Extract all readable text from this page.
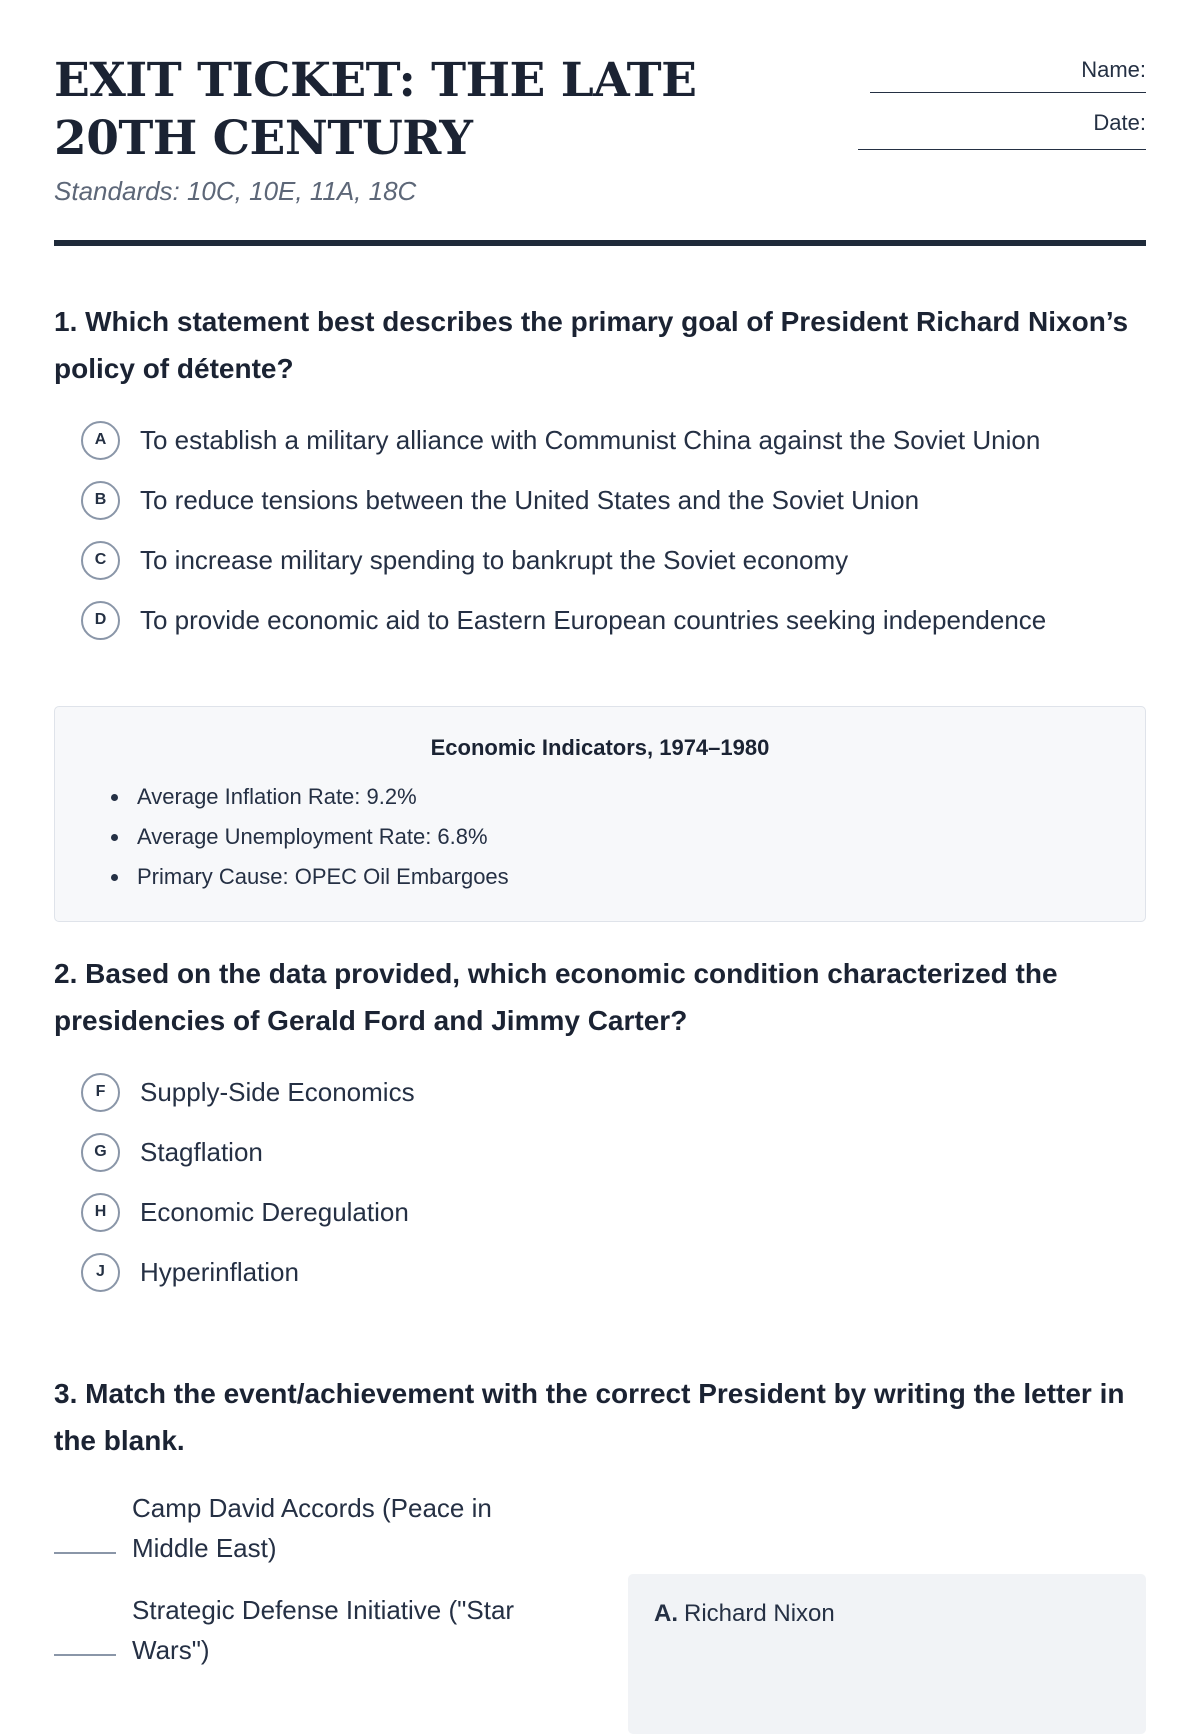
EXIT TICKET: THE LATE 20TH CENTURY
Standards: 10C, 10E, 11A, 18C
Name:
Date:
1. Which statement best describes the primary goal of President Richard Nixon’s policy of détente?
A	To establish a military alliance with Communist China against the Soviet Union
B	To reduce tensions between the United States and the Soviet Union
C	To increase military spending to bankrupt the Soviet economy
D	To provide economic aid to Eastern European countries seeking independence
Economic Indicators, 1974–1980
Average Inflation Rate: 9.2%
Average Unemployment Rate: 6.8%
Primary Cause: OPEC Oil Embargoes
2. Based on the data provided, which economic condition characterized the presidencies of Gerald Ford and Jimmy Carter?
F	Supply-Side Economics
G	Stagflation
H	Economic Deregulation
J	Hyperinflation
3. Match the event/achievement with the correct President by writing the letter in the blank.
Camp David Accords (Peace in Middle East)
Strategic Defense Initiative ("Star Wars")
A. Richard Nixon
